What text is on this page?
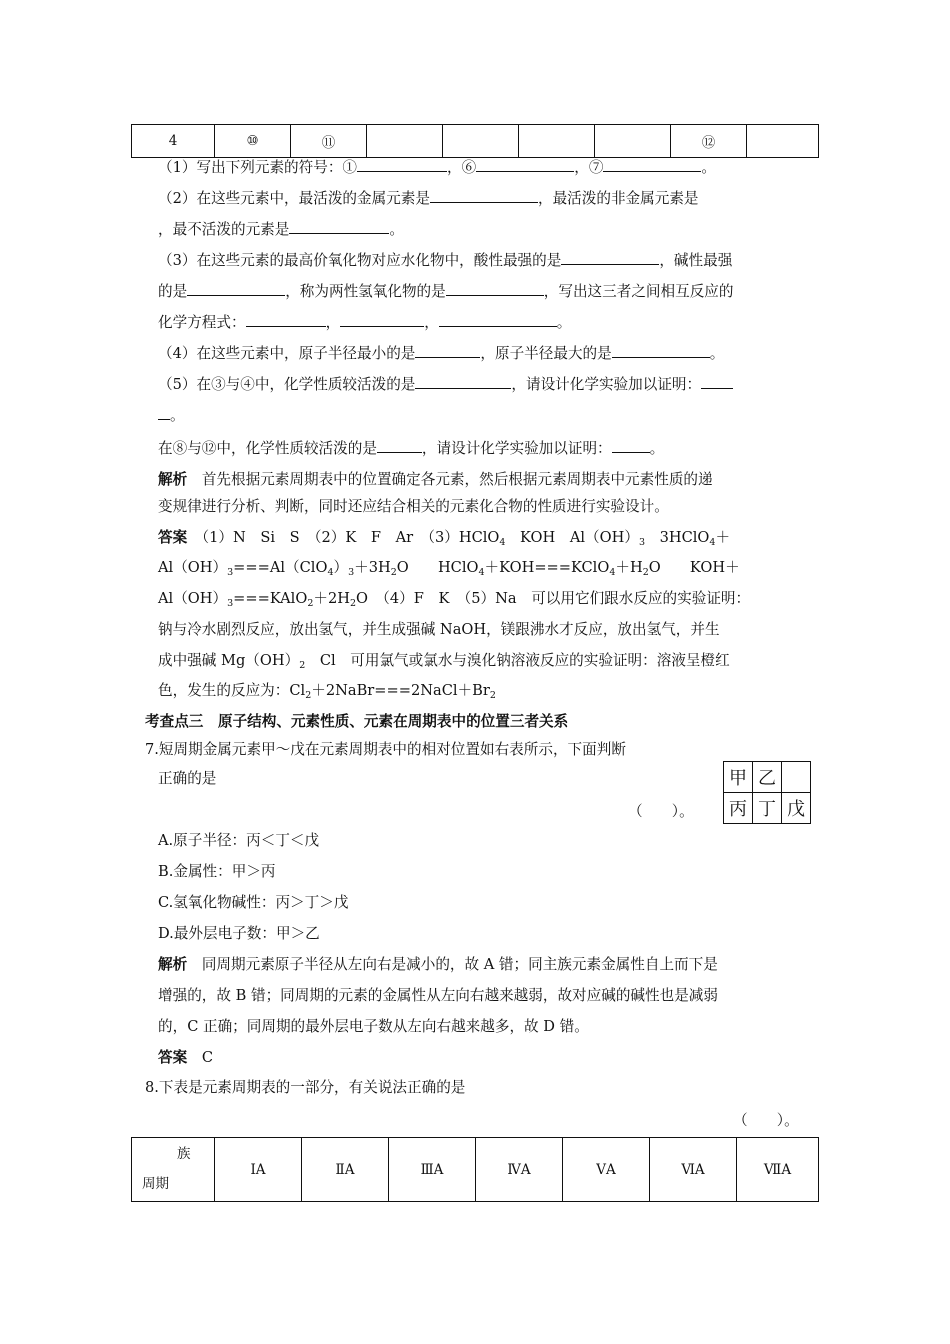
4	⑩	⑪					⑫	
（1）写出下列元素的符号：①	，⑥	，⑦	。
（2）在这些元素中，最活泼的金属元素是	，最活泼的非金属元素是
，最不活泼的元素是	。
（3）在这些元素的最高价氧化物对应水化物中，酸性最强的是	，碱性最强
的是	，称为两性氢氧化物的是	，写出这三者之间相互反应的
化学方程式：	，	，	。
（4）在这些元素中，原子半径最小的是	，原子半径最大的是	。
（5）在③与④中，化学性质较活泼的是	，请设计化学实验加以证明：
。
在⑧与⑫中，化学性质较活泼的是	，请设计化学实验加以证明：	。
解析　 首先根据元素周期表中的位置确定各元素，然后根据元素周期表中元素性质的递
变规律进行分析、判断，同时还应结合相关的元素化合物的性质进行实验设计。
答案　 （1）N　Si　S　（2）K　F　Ar　（3）HClO$_4$　KOH　$Al(OH)_3$　3HClO$_4$＋
$Al(OH)_3===Al(ClO_4)_3+3H_2O$　　$HClO_4+KOH===KClO_4+H_2O$　　KOH＋
$Al(OH)_3===KAlO_2+2H_2O$　（4）F　K　（5）Na　可以用它们跟水反应的实验证明：
钠与冷水剧烈反应，放出氢气，并生成强碱 NaOH，镁跟沸水才反应，放出氢气，并生
成中强碱 $Mg(OH)_2$　Cl　可用氯气或氯水与溴化钠溶液反应的实验证明：溶液呈橙红
色，发生的反应为：$Cl_2+2NaBr===2NaCl+Br_2$
考查点三　原子结构、元素性质、元素在周期表中的位置三者关系
7.短周期金属元素甲～戊在元素周期表中的相对位置如右表所示，下面判断
正确的是
（　　）。
甲	乙	
丙	丁	戊
A.原子半径：丙＜丁＜戊
B.金属性：甲＞丙
C.氢氧化物碱性：丙＞丁＞戊
D.最外层电子数：甲＞乙
解析　 同周期元素原子半径从左向右是减小的，故 A 错；同主族元素金属性自上而下是
增强的，故 B 错；同周期的元素的金属性从左向右越来越弱，故对应碱的碱性也是减弱
的，C 正确；同周期的最外层电子数从左向右越来越多，故 D 错。
答案　 C
8.下表是元素周期表的一部分，有关说法正确的是
（　　）。
族
周期
	ⅠA	ⅡA	ⅢA	ⅣA	ⅤA	ⅥA	ⅦA
